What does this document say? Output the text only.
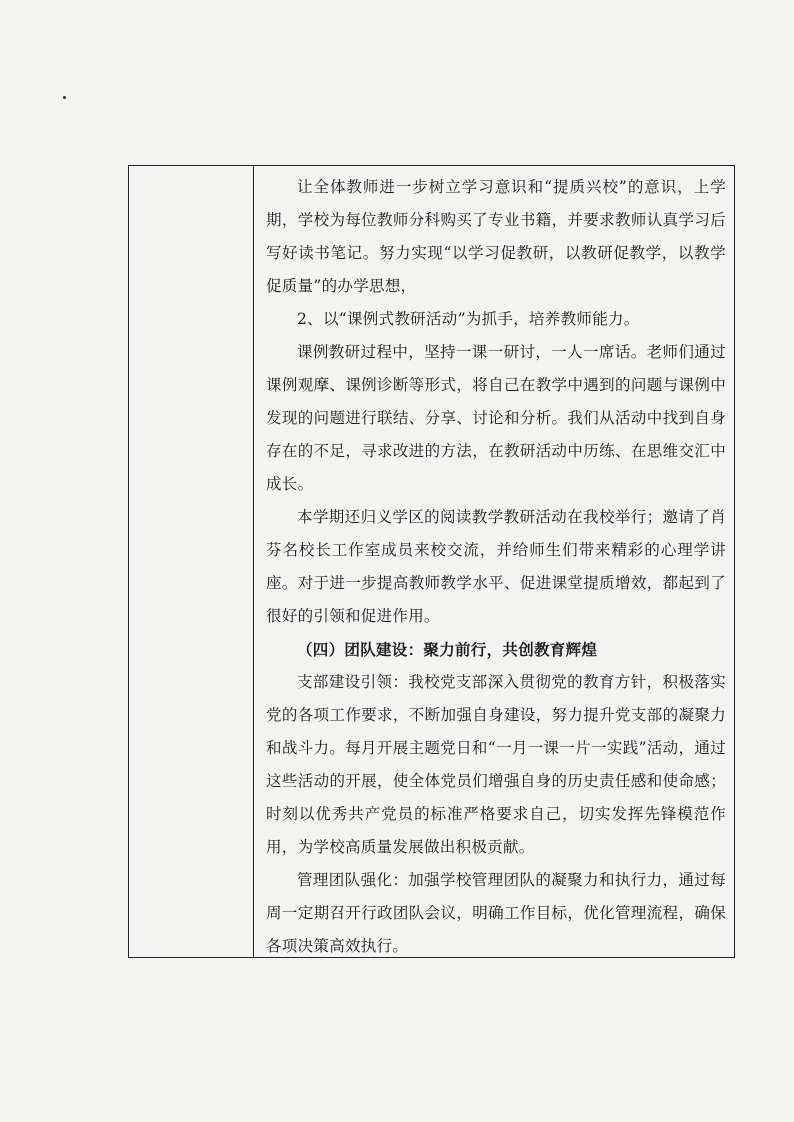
让全体教师进一步树立学习意识和“提质兴校”的意识，上学期，学校为每位教师分科购买了专业书籍，并要求教师认真学习后写好读书笔记。努力实现“以学习促教研，以教研促教学，以教学促质量”的办学思想，

2、以“课例式教研活动”为抓手，培养教师能力。

课例教研过程中，坚持一课一研讨，一人一席话。老师们通过课例观摩、课例诊断等形式，将自己在教学中遇到的问题与课例中发现的问题进行联结、分享、讨论和分析。我们从活动中找到自身存在的不足，寻求改进的方法，在教研活动中历练、在思维交汇中成长。

本学期还归义学区的阅读教学教研活动在我校举行；邀请了肖芬名校长工作室成员来校交流，并给师生们带来精彩的心理学讲座。对于进一步提高教师教学水平、促进课堂提质增效，都起到了很好的引领和促进作用。

（四）团队建设：聚力前行，共创教育辉煌

支部建设引领：我校党支部深入贯彻党的教育方针，积极落实党的各项工作要求，不断加强自身建设，努力提升党支部的凝聚力和战斗力。每月开展主题党日和“一月一课一片一实践”活动，通过这些活动的开展，使全体党员们增强自身的历史责任感和使命感；时刻以优秀共产党员的标准严格要求自己，切实发挥先锋模范作用，为学校高质量发展做出积极贡献。

管理团队强化：加强学校管理团队的凝聚力和执行力，通过每周一定期召开行政团队会议，明确工作目标，优化管理流程，确保各项决策高效执行。
